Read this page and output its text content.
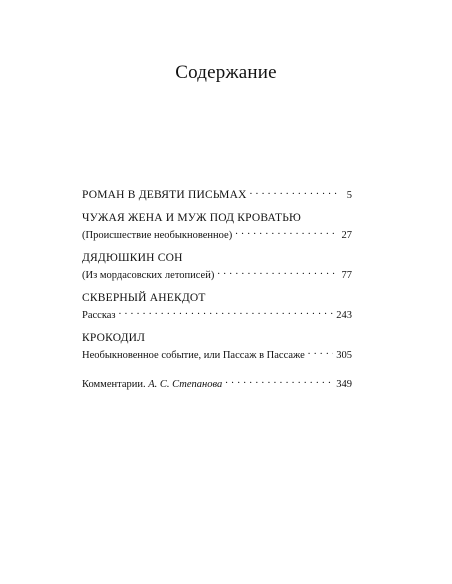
Содержание
РОМАН В ДЕВЯТИ ПИСЬМАХ . . .	5
ЧУЖАЯ ЖЕНА И МУЖ ПОД КРОВАТЬЮ
(Происшествие необыкновенное) . . .	27
ДЯДЮШКИН СОН
(Из мордасовских летописей) . . .	77
СКВЕРНЫЙ АНЕКДОТ
Рассказ . . .	243
КРОКОДИЛ
Необыкновенное событие, или Пассаж в Пассаже . . .	305
Комментарии.
А. С. Степанова . . .	349
